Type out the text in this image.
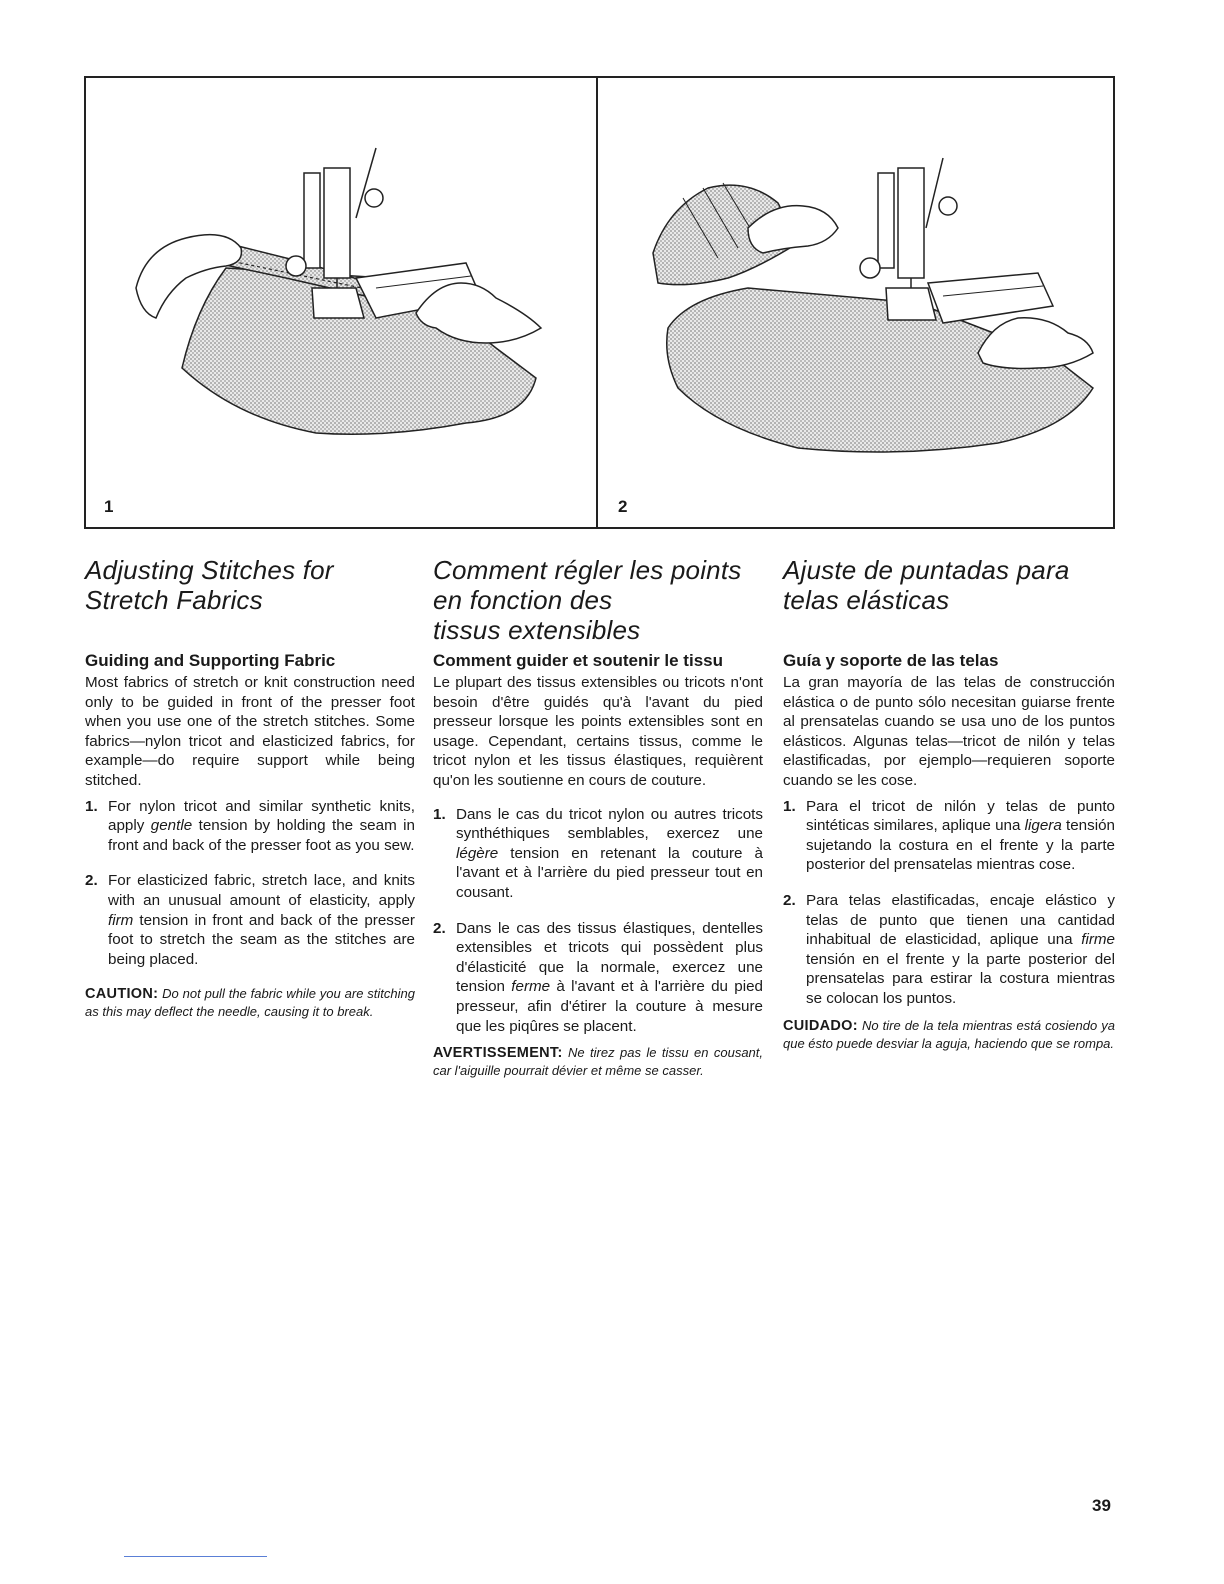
1	2
Adjusting Stitches for
Stretch Fabrics
Guiding and Supporting Fabric

Most fabrics of stretch or knit construction need only to be guided in front of the presser foot when you use one of the stretch stitches. Some fabrics—nylon tricot and elasticized fabrics, for example—do require support while being stitched.

1. For nylon tricot and similar synthetic knits, apply gentle tension by holding the seam in front and back of the presser foot as you sew.
2. For elasticized fabric, stretch lace, and knits with an unusual amount of elasticity, apply firm tension in front and back of the presser foot to stretch the seam as the stitches are being placed.

CAUTION: Do not pull the fabric while you are stitching as this may deflect the needle, causing it to break.

Comment régler les points
en fonction des
tissus extensibles
Comment guider et soutenir le tissu

Le plupart des tissus extensibles ou tricots n'ont besoin d'être guidés qu'à l'avant du pied presseur lorsque les points extensibles sont en usage. Cependant, certains tissus, comme le tricot nylon et les tissus élastiques, requièrent qu'on les soutienne en cours de couture.

1. Dans le cas du tricot nylon ou autres tricots synthéthiques semblables, exercez une légère tension en retenant la couture à l'avant et à l'arrière du pied presseur tout en cousant.
2. Dans le cas des tissus élastiques, dentelles extensibles et tricots qui possèdent plus d'élasticité que la normale, exercez une tension ferme à l'avant et à l'arrière du pied presseur, afin d'étirer la couture à mesure que les piqûres se placent.

AVERTISSEMENT: Ne tirez pas le tissu en cousant, car l'aiguille pourrait dévier et même se casser.

Ajuste de puntadas para
telas elásticas
Guía y soporte de las telas

La gran mayoría de las telas de construcción elástica o de punto sólo necesitan guiarse frente al prensatelas cuando se usa uno de los puntos elásticos. Algunas telas—tricot de nilón y telas elastificadas, por ejemplo—requieren soporte cuando se les cose.

1. Para el tricot de nilón y telas de punto sintéticas similares, aplique una ligera tensión sujetando la costura en el frente y la parte posterior del prensatelas mientras cose.
2. Para telas elastificadas, encaje elástico y telas de punto que tienen una cantidad inhabitual de elasticidad, aplique una firme tensión en el frente y la parte posterior del prensatelas para estirar la costura mientras se colocan los puntos.

CUIDADO: No tire de la tela mientras está cosiendo ya que ésto puede desviar la aguja, haciendo que se rompa.

39
